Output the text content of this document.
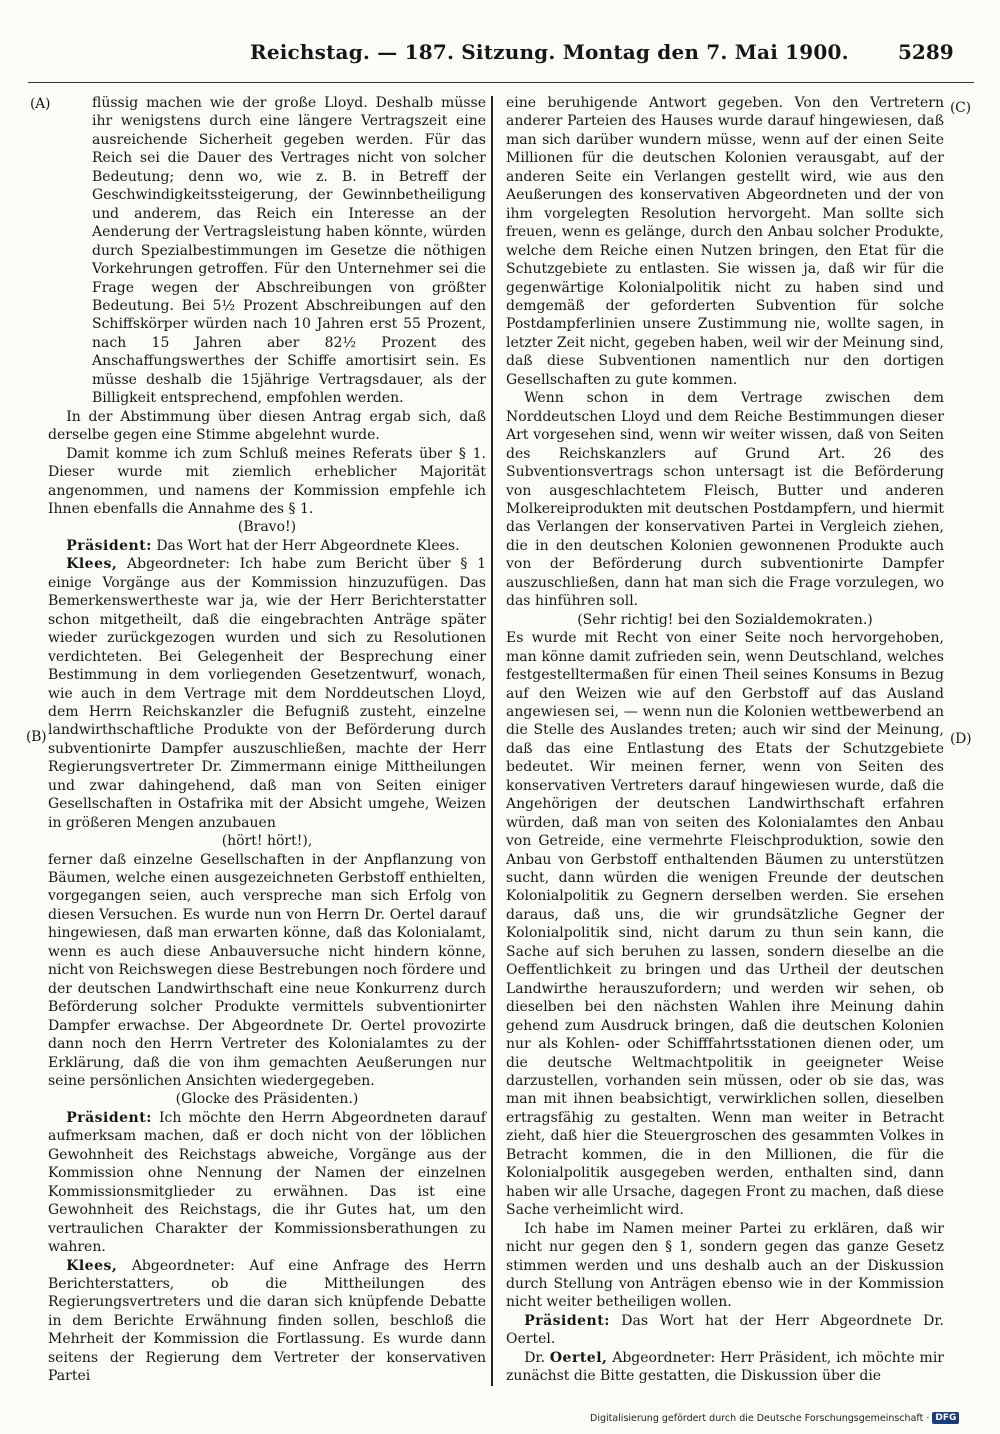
Reichstag. — 187. Sitzung. Montag den 7. Mai 1900. 5289
(A)
(B)
(C)
(D)

flüssig machen wie der große Lloyd. Deshalb müsse ihr wenigstens durch eine längere Vertragszeit eine ausreichende Sicherheit gegeben werden. Für das Reich sei die Dauer des Vertrages nicht von solcher Bedeutung; denn wo, wie z. B. in Betreff der Geschwindigkeitssteigerung, der Gewinnbetheiligung und anderem, das Reich ein Interesse an der Aenderung der Vertragsleistung haben könnte, würden durch Spezialbestimmungen im Gesetze die nöthigen Vorkehrungen getroffen. Für den Unternehmer sei die Frage wegen der Abschreibungen von größter Bedeutung. Bei 5½ Prozent Abschreibungen auf den Schiffskörper würden nach 10 Jahren erst 55 Prozent, nach 15 Jahren aber 82½ Prozent des Anschaffungswerthes der Schiffe amortisirt sein. Es müsse deshalb die 15jährige Vertragsdauer, als der Billigkeit entsprechend, empfohlen werden.

In der Abstimmung über diesen Antrag ergab sich, daß derselbe gegen eine Stimme abgelehnt wurde.

Damit komme ich zum Schluß meines Referats über § 1. Dieser wurde mit ziemlich erheblicher Majorität angenommen, und namens der Kommission empfehle ich Ihnen ebenfalls die Annahme des § 1.

(Bravo!)

Präsident: Das Wort hat der Herr Abgeordnete Klees.

Klees, Abgeordneter: Ich habe zum Bericht über § 1 einige Vorgänge aus der Kommission hinzuzufügen. Das Bemerkenswertheste war ja, wie der Herr Berichterstatter schon mitgetheilt, daß die eingebrachten Anträge später wieder zurückgezogen wurden und sich zu Resolutionen verdichteten. Bei Gelegenheit der Besprechung einer Bestimmung in dem vorliegenden Gesetzentwurf, wonach, wie auch in dem Vertrage mit dem Norddeutschen Lloyd, dem Herrn Reichskanzler die Befugniß zusteht, einzelne landwirthschaftliche Produkte von der Beförderung durch subventionirte Dampfer auszuschließen, machte der Herr Regierungsvertreter Dr. Zimmermann einige Mittheilungen und zwar dahingehend, daß man von Seiten einiger Gesellschaften in Ostafrika mit der Absicht umgehe, Weizen in größeren Mengen anzubauen

(hört! hört!),

ferner daß einzelne Gesellschaften in der Anpflanzung von Bäumen, welche einen ausgezeichneten Gerbstoff enthielten, vorgegangen seien, auch verspreche man sich Erfolg von diesen Versuchen. Es wurde nun von Herrn Dr. Oertel darauf hingewiesen, daß man erwarten könne, daß das Kolonialamt, wenn es auch diese Anbauversuche nicht hindern könne, nicht von Reichswegen diese Bestrebungen noch fördere und der deutschen Landwirthschaft eine neue Konkurrenz durch Beförderung solcher Produkte vermittels subventionirter Dampfer erwachse. Der Abgeordnete Dr. Oertel provozirte dann noch den Herrn Vertreter des Kolonialamtes zu der Erklärung, daß die von ihm gemachten Aeußerungen nur seine persönlichen Ansichten wiedergegeben.

(Glocke des Präsidenten.)

Präsident: Ich möchte den Herrn Abgeordneten darauf aufmerksam machen, daß er doch nicht von der löblichen Gewohnheit des Reichstags abweiche, Vorgänge aus der Kommission ohne Nennung der Namen der einzelnen Kommissionsmitglieder zu erwähnen. Das ist eine Gewohnheit des Reichstags, die ihr Gutes hat, um den vertraulichen Charakter der Kommissionsberathungen zu wahren.

Klees, Abgeordneter: Auf eine Anfrage des Herrn Berichterstatters, ob die Mittheilungen des Regierungsvertreters und die daran sich knüpfende Debatte in dem Berichte Erwähnung finden sollen, beschloß die Mehrheit der Kommission die Fortlassung. Es wurde dann seitens der Regierung dem Vertreter der konservativen Partei

eine beruhigende Antwort gegeben. Von den Vertretern anderer Parteien des Hauses wurde darauf hingewiesen, daß man sich darüber wundern müsse, wenn auf der einen Seite Millionen für die deutschen Kolonien verausgabt, auf der anderen Seite ein Verlangen gestellt wird, wie aus den Aeußerungen des konservativen Abgeordneten und der von ihm vorgelegten Resolution hervorgeht. Man sollte sich freuen, wenn es gelänge, durch den Anbau solcher Produkte, welche dem Reiche einen Nutzen bringen, den Etat für die Schutzgebiete zu entlasten. Sie wissen ja, daß wir für die gegenwärtige Kolonialpolitik nicht zu haben sind und demgemäß der geforderten Subvention für solche Postdampferlinien unsere Zustimmung nie, wollte sagen, in letzter Zeit nicht, gegeben haben, weil wir der Meinung sind, daß diese Subventionen namentlich nur den dortigen Gesellschaften zu gute kommen.

Wenn schon in dem Vertrage zwischen dem Norddeutschen Lloyd und dem Reiche Bestimmungen dieser Art vorgesehen sind, wenn wir weiter wissen, daß von Seiten des Reichskanzlers auf Grund Art. 26 des Subventionsvertrags schon untersagt ist die Beförderung von ausgeschlachtetem Fleisch, Butter und anderen Molkereiprodukten mit deutschen Postdampfern, und hiermit das Verlangen der konservativen Partei in Vergleich ziehen, die in den deutschen Kolonien gewonnenen Produkte auch von der Beförderung durch subventionirte Dampfer auszuschließen, dann hat man sich die Frage vorzulegen, wo das hinführen soll.

(Sehr richtig! bei den Sozialdemokraten.)

Es wurde mit Recht von einer Seite noch hervorgehoben, man könne damit zufrieden sein, wenn Deutschland, welches festgestelltermaßen für einen Theil seines Konsums in Bezug auf den Weizen wie auf den Gerbstoff auf das Ausland angewiesen sei, — wenn nun die Kolonien wettbewerbend an die Stelle des Auslandes treten; auch wir sind der Meinung, daß das eine Entlastung des Etats der Schutzgebiete bedeutet. Wir meinen ferner, wenn von Seiten des konservativen Vertreters darauf hingewiesen wurde, daß die Angehörigen der deutschen Landwirthschaft erfahren würden, daß man von seiten des Kolonialamtes den Anbau von Getreide, eine vermehrte Fleischproduktion, sowie den Anbau von Gerbstoff enthaltenden Bäumen zu unterstützen sucht, dann würden die wenigen Freunde der deutschen Kolonialpolitik zu Gegnern derselben werden. Sie ersehen daraus, daß uns, die wir grundsätzliche Gegner der Kolonialpolitik sind, nicht darum zu thun sein kann, die Sache auf sich beruhen zu lassen, sondern dieselbe an die Oeffentlichkeit zu bringen und das Urtheil der deutschen Landwirthe herauszufordern; und werden wir sehen, ob dieselben bei den nächsten Wahlen ihre Meinung dahin gehend zum Ausdruck bringen, daß die deutschen Kolonien nur als Kohlen- oder Schifffahrtsstationen dienen oder, um die deutsche Weltmachtpolitik in geeigneter Weise darzustellen, vorhanden sein müssen, oder ob sie das, was man mit ihnen beabsichtigt, verwirklichen sollen, dieselben ertragsfähig zu gestalten. Wenn man weiter in Betracht zieht, daß hier die Steuergroschen des gesammten Volkes in Betracht kommen, die in den Millionen, die für die Kolonialpolitik ausgegeben werden, enthalten sind, dann haben wir alle Ursache, dagegen Front zu machen, daß diese Sache verheimlicht wird.

Ich habe im Namen meiner Partei zu erklären, daß wir nicht nur gegen den § 1, sondern gegen das ganze Gesetz stimmen werden und uns deshalb auch an der Diskussion durch Stellung von Anträgen ebenso wie in der Kommission nicht weiter betheiligen wollen.

Präsident: Das Wort hat der Herr Abgeordnete Dr. Oertel.

Dr. Oertel, Abgeordneter: Herr Präsident, ich möchte mir zunächst die Bitte gestatten, die Diskussion über die

Digitalisierung gefördert durch die Deutsche Forschungsgemeinschaft · DFG
